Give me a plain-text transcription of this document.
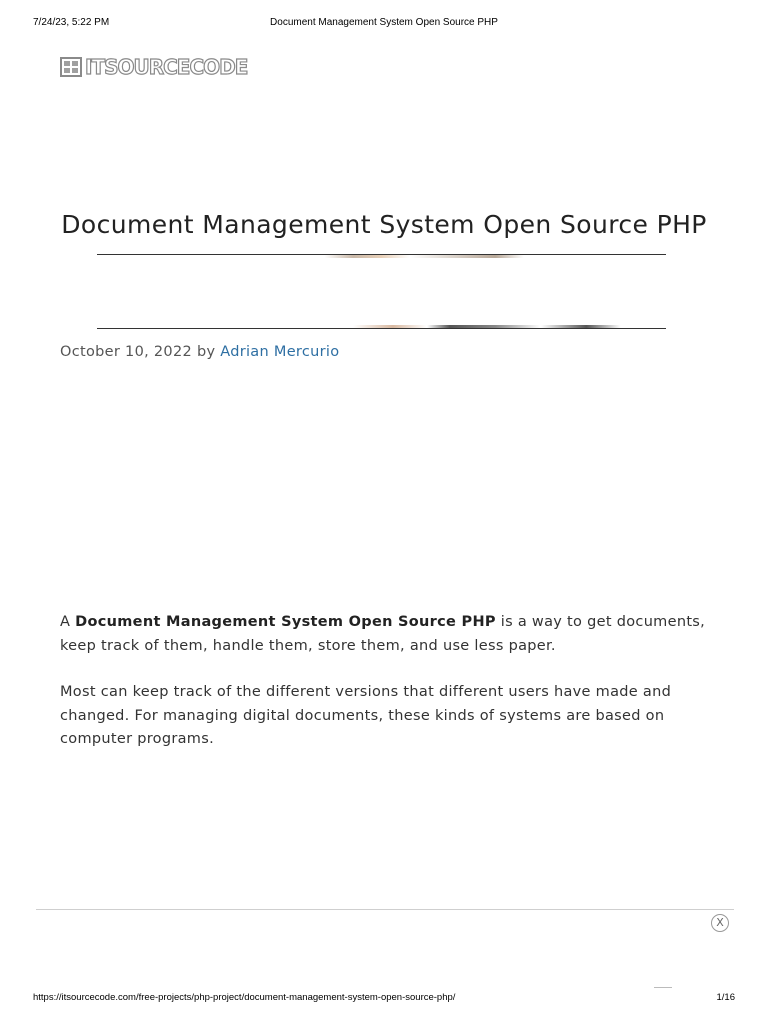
7/24/23, 5:22 PM	Document Management System Open Source PHP
ITSOURCECODE
Document Management System Open Source PHP
October 10, 2022 by Adrian Mercurio

A Document Management System Open Source PHP is a way to get documents, keep track of them, handle them, store them, and use less paper.

Most can keep track of the different versions that different users have made and changed. For managing digital documents, these kinds of systems are based on computer programs.

X
https://itsourcecode.com/free-projects/php-project/document-management-system-open-source-php/	1/16
